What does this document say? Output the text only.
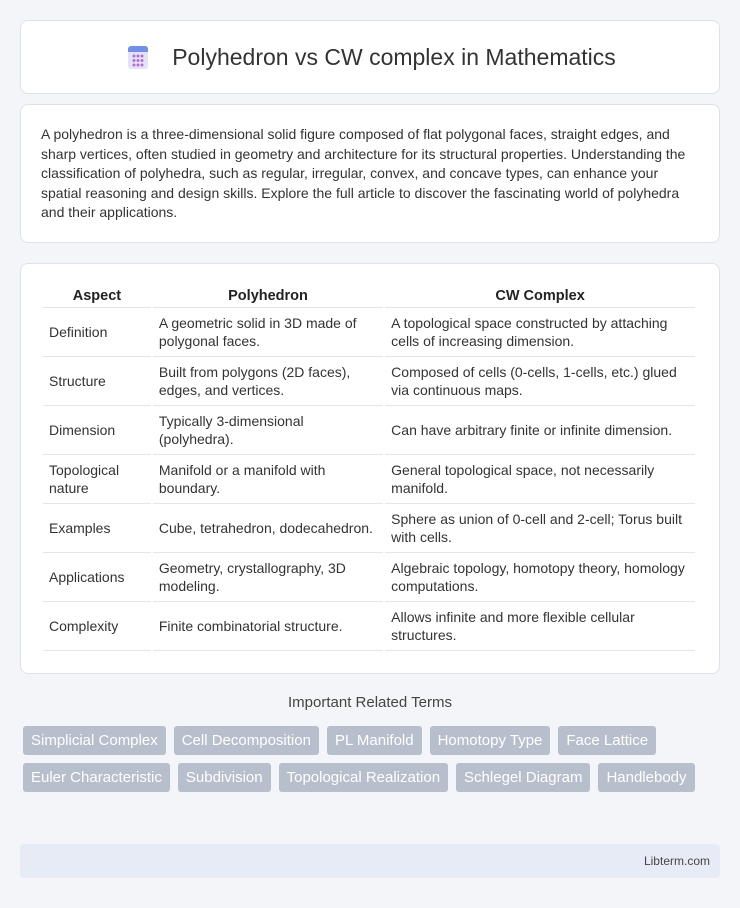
Polyhedron vs CW complex in Mathematics

A polyhedron is a three-dimensional solid figure composed of flat polygonal faces, straight edges, and sharp vertices, often studied in geometry and architecture for its structural properties. Understanding the classification of polyhedra, such as regular, irregular, convex, and concave types, can enhance your spatial reasoning and design skills. Explore the full article to discover the fascinating world of polyhedra and their applications.

Aspect	Polyhedron	CW Complex
Definition	A geometric solid in 3D made of polygonal faces.	A topological space constructed by attaching cells of increasing dimension.
Structure	Built from polygons (2D faces), edges, and vertices.	Composed of cells (0-cells, 1-cells, etc.) glued via continuous maps.
Dimension	Typically 3-dimensional (polyhedra).	Can have arbitrary finite or infinite dimension.
Topological nature	Manifold or a manifold with boundary.	General topological space, not necessarily manifold.
Examples	Cube, tetrahedron, dodecahedron.	Sphere as union of 0-cell and 2-cell; Torus built with cells.
Applications	Geometry, crystallography, 3D modeling.	Algebraic topology, homotopy theory, homology computations.
Complexity	Finite combinatorial structure.	Allows infinite and more flexible cellular structures.
Important Related Terms
Simplicial Complex	Cell Decomposition	PL Manifold	Homotopy Type	Face Lattice
Euler Characteristic	Subdivision	Topological Realization	Schlegel Diagram	Handlebody
Libterm.com
